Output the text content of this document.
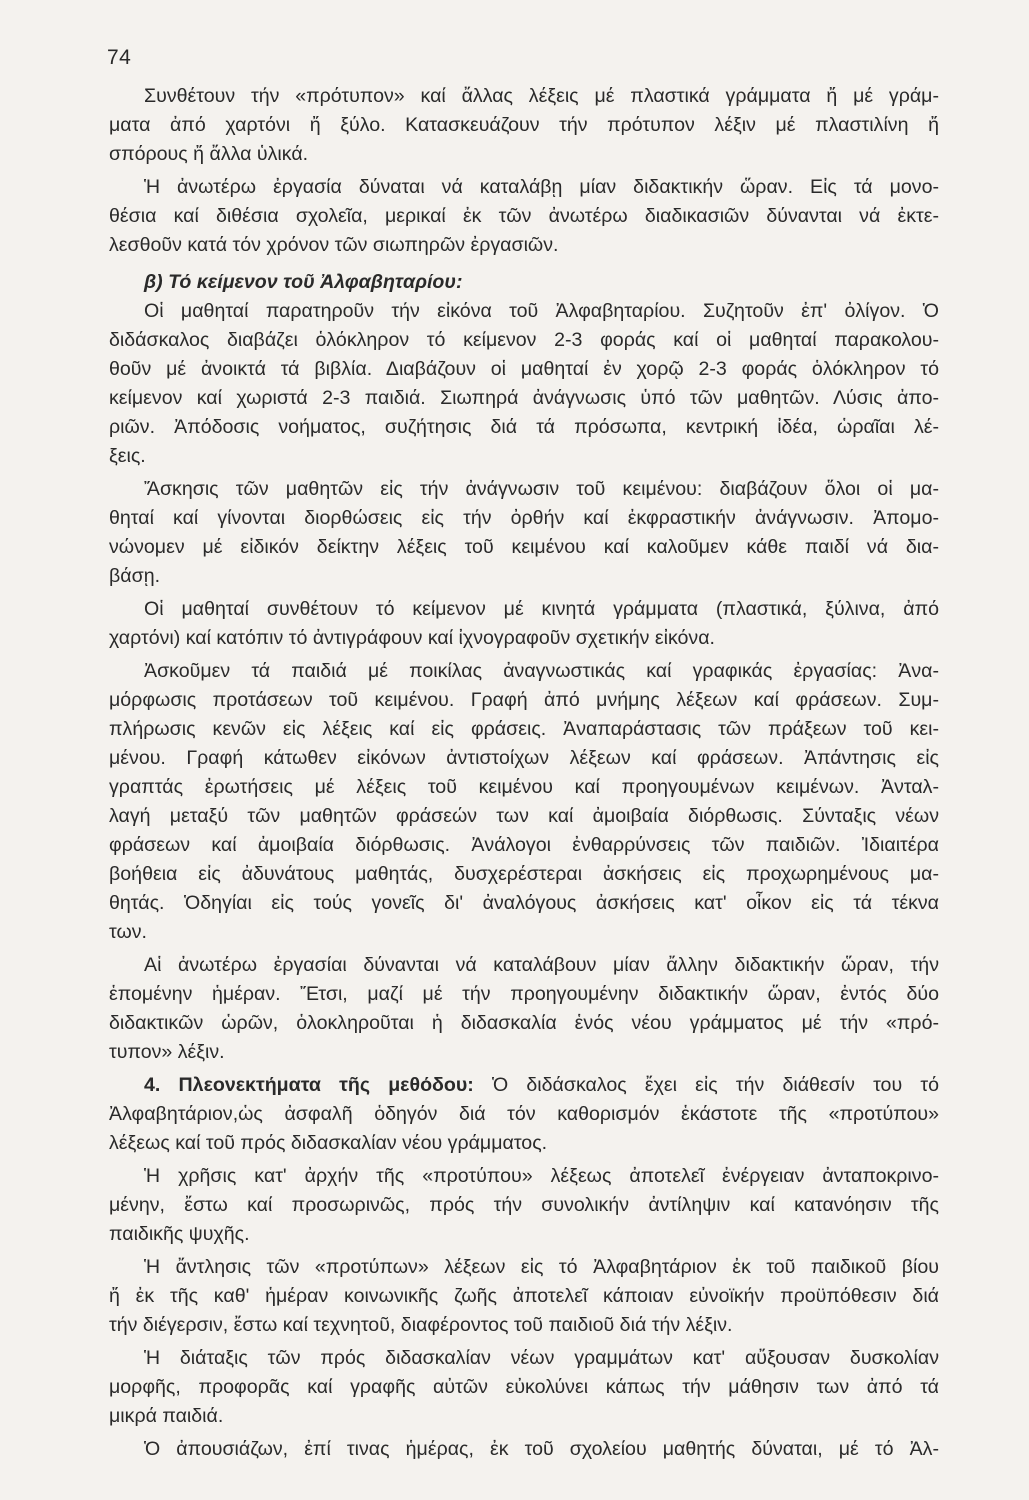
74
Συνθέτουν τήν «πρότυπον» καί ἄλλας λέξεις μέ πλαστικά γράμματα ἤ μέ γράμ-
ματα ἀπό χαρτόνι ἤ ξύλο. Κατασκευάζουν τήν πρότυπον λέξιν μέ πλαστιλίνη ἤ
σπόρους ἤ ἄλλα ὑλικά.
Ἡ ἀνωτέρω ἐργασία δύναται νά καταλάβῃ μίαν διδακτικήν ὥραν. Εἰς τά μονο-
θέσια καί διθέσια σχολεῖα, μερικαί ἐκ τῶν ἀνωτέρω διαδικασιῶν δύνανται νά ἐκτε-
λεσθοῦν κατά τόν χρόνον τῶν σιωπηρῶν ἐργασιῶν.
β) Τό κείμενον τοῦ Ἀλφαβηταρίου:
Οἱ μαθηταί παρατηροῦν τήν εἰκόνα τοῦ Ἀλφαβηταρίου. Συζητοῦν ἐπ' ὀλίγον. Ὁ
διδάσκαλος διαβάζει ὁλόκληρον τό κείμενον 2-3 φοράς καί οἱ μαθηταί παρακολου-
θοῦν μέ ἀνοικτά τά βιβλία. Διαβάζουν οἱ μαθηταί ἐν χορῷ 2-3 φοράς ὁλόκληρον τό
κείμενον καί χωριστά 2-3 παιδιά. Σιωπηρά ἀνάγνωσις ὑπό τῶν μαθητῶν. Λύσις ἀπο-
ριῶν. Ἀπόδοσις νοήματος, συζήτησις διά τά πρόσωπα, κεντρική ἰδέα, ὡραῖαι λέ-
ξεις.
Ἄσκησις τῶν μαθητῶν εἰς τήν ἀνάγνωσιν τοῦ κειμένου: διαβάζουν ὅλοι οἱ μα-
θηταί καί γίνονται διορθώσεις εἰς τήν ὀρθήν καί ἐκφραστικήν ἀνάγνωσιν. Ἀπομο-
νώνομεν μέ εἰδικόν δείκτην λέξεις τοῦ κειμένου καί καλοῦμεν κάθε παιδί νά δια-
βάσῃ.
Οἱ μαθηταί συνθέτουν τό κείμενον μέ κινητά γράμματα (πλαστικά, ξύλινα, ἀπό
χαρτόνι) καί κατόπιν τό ἀντιγράφουν καί ἰχνογραφοῦν σχετικήν εἰκόνα.
Ἀσκοῦμεν τά παιδιά μέ ποικίλας ἀναγνωστικάς καί γραφικάς ἐργασίας: Ἀνα-
μόρφωσις προτάσεων τοῦ κειμένου. Γραφή ἀπό μνήμης λέξεων καί φράσεων. Συμ-
πλήρωσις κενῶν εἰς λέξεις καί εἰς φράσεις. Ἀναπαράστασις τῶν πράξεων τοῦ κει-
μένου. Γραφή κάτωθεν εἰκόνων ἀντιστοίχων λέξεων καί φράσεων. Ἀπάντησις εἰς
γραπτάς ἐρωτήσεις μέ λέξεις τοῦ κειμένου καί προηγουμένων κειμένων. Ἀνταλ-
λαγή μεταξύ τῶν μαθητῶν φράσεών των καί ἀμοιβαία διόρθωσις. Σύνταξις νέων
φράσεων καί ἀμοιβαία διόρθωσις. Ἀνάλογοι ἐνθαρρύνσεις τῶν παιδιῶν. Ἰδιαιτέρα
βοήθεια εἰς ἀδυνάτους μαθητάς, δυσχερέστεραι ἀσκήσεις εἰς προχωρημένους μα-
θητάς. Ὁδηγίαι εἰς τούς γονεῖς δι' ἀναλόγους ἀσκήσεις κατ' οἶκον εἰς τά τέκνα
των.
Αἱ ἀνωτέρω ἐργασίαι δύνανται νά καταλάβουν μίαν ἄλλην διδακτικήν ὥραν, τήν
ἑπομένην ἡμέραν. Ἔτσι, μαζί μέ τήν προηγουμένην διδακτικήν ὥραν, ἐντός δύο
διδακτικῶν ὡρῶν, ὁλοκληροῦται ἡ διδασκαλία ἑνός νέου γράμματος μέ τήν «πρό-
τυπον» λέξιν.
4. Πλεονεκτήματα τῆς μεθόδου: Ὁ διδάσκαλος ἔχει εἰς τήν διάθεσίν του τό
Ἀλφαβητάριον,ὡς ἀσφαλῆ ὁδηγόν διά τόν καθορισμόν ἑκάστοτε τῆς «προτύπου»
λέξεως καί τοῦ πρός διδασκαλίαν νέου γράμματος.
Ἡ χρῆσις κατ' ἀρχήν τῆς «προτύπου» λέξεως ἀποτελεῖ ἐνέργειαν ἀνταποκρινο-
μένην, ἔστω καί προσωρινῶς, πρός τήν συνολικήν ἀντίληψιν καί κατανόησιν τῆς
παιδικῆς ψυχῆς.
Ἡ ἄντλησις τῶν «προτύπων» λέξεων εἰς τό Ἀλφαβητάριον ἐκ τοῦ παιδικοῦ βίου
ἤ ἐκ τῆς καθ' ἡμέραν κοινωνικῆς ζωῆς ἀποτελεῖ κάποιαν εὐνοϊκήν προϋπόθεσιν διά
τήν διέγερσιν, ἔστω καί τεχνητοῦ, διαφέροντος τοῦ παιδιοῦ διά τήν λέξιν.
Ἡ διάταξις τῶν πρός διδασκαλίαν νέων γραμμάτων κατ' αὔξουσαν δυσκολίαν
μορφῆς, προφορᾶς καί γραφῆς αὐτῶν εὐκολύνει κάπως τήν μάθησιν των ἀπό τά
μικρά παιδιά.
Ὁ ἀπουσιάζων, ἐπί τινας ἡμέρας, ἐκ τοῦ σχολείου μαθητής δύναται, μέ τό Ἀλ-
